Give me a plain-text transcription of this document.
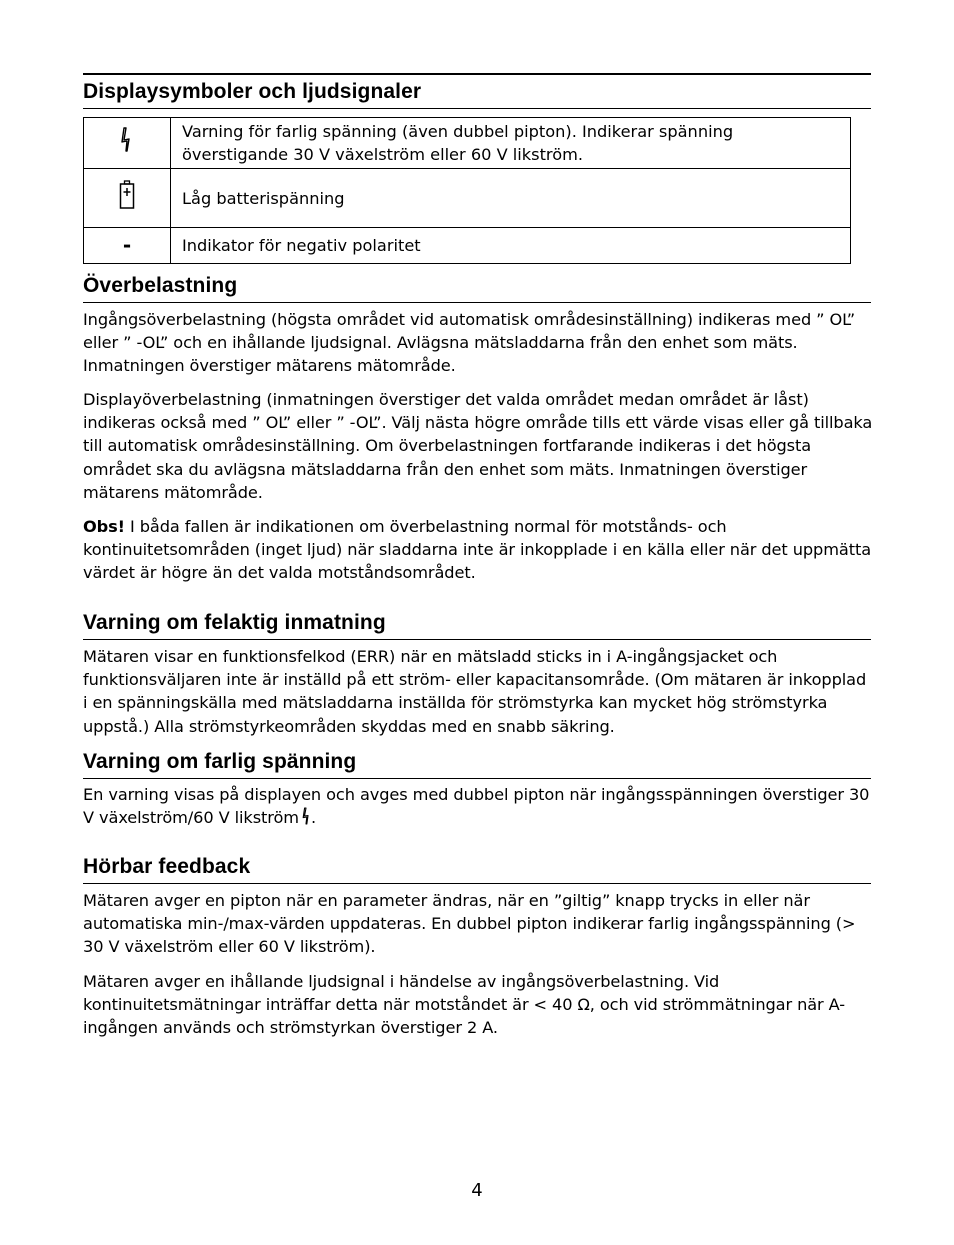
Displaysymboler och ljudsignaler
	Varning för farlig spänning (även dubbel pipton). Indikerar spänning överstigande 30 V växelström eller 60 V likström.
	Låg batterispänning
-	Indikator för negativ polaritet
Överbelastning
Ingångsöverbelastning (högsta området vid automatisk områdesinställning) indikeras med ” OL” eller ” -OL” och en ihållande ljudsignal. Avlägsna mätsladdarna från den enhet som mäts. Inmatningen överstiger mätarens mätområde.
Displayöverbelastning (inmatningen överstiger det valda området medan området är låst) indikeras också med ” OL” eller ” -OL”. Välj nästa högre område tills ett värde visas eller gå tillbaka till automatisk områdesinställning. Om överbelastningen fortfarande indikeras i det högsta området ska du avlägsna mätsladdarna från den enhet som mäts. Inmatningen överstiger mätarens mätområde.
Obs! I båda fallen är indikationen om överbelastning normal för motstånds- och kontinuitetsområden (inget ljud) när sladdarna inte är inkopplade i en källa eller när det uppmätta värdet är högre än det valda motståndsområdet.
Varning om felaktig inmatning
Mätaren visar en funktionsfelkod (ERR) när en mätsladd sticks in i A-ingångsjacket och funktionsväljaren inte är inställd på ett ström- eller kapacitansområde. (Om mätaren är inkopplad i en spänningskälla med mätsladdarna inställda för strömstyrka kan mycket hög strömstyrka uppstå.) Alla strömstyrkeområden skyddas med en snabb säkring.
Varning om farlig spänning
En varning visas på displayen och avges med dubbel pipton när ingångsspänningen överstiger 30 V växelström/60 V likström .
Hörbar feedback
Mätaren avger en pipton när en parameter ändras, när en ”giltig” knapp trycks in eller när automatiska min-/max-värden uppdateras. En dubbel pipton indikerar farlig ingångsspänning (> 30 V växelström eller 60 V likström).
Mätaren avger en ihållande ljudsignal i händelse av ingångsöverbelastning. Vid kontinuitetsmätningar inträffar detta när motståndet är < 40 Ω, och vid strömmätningar när A-ingången används och strömstyrkan överstiger 2 A.
4
